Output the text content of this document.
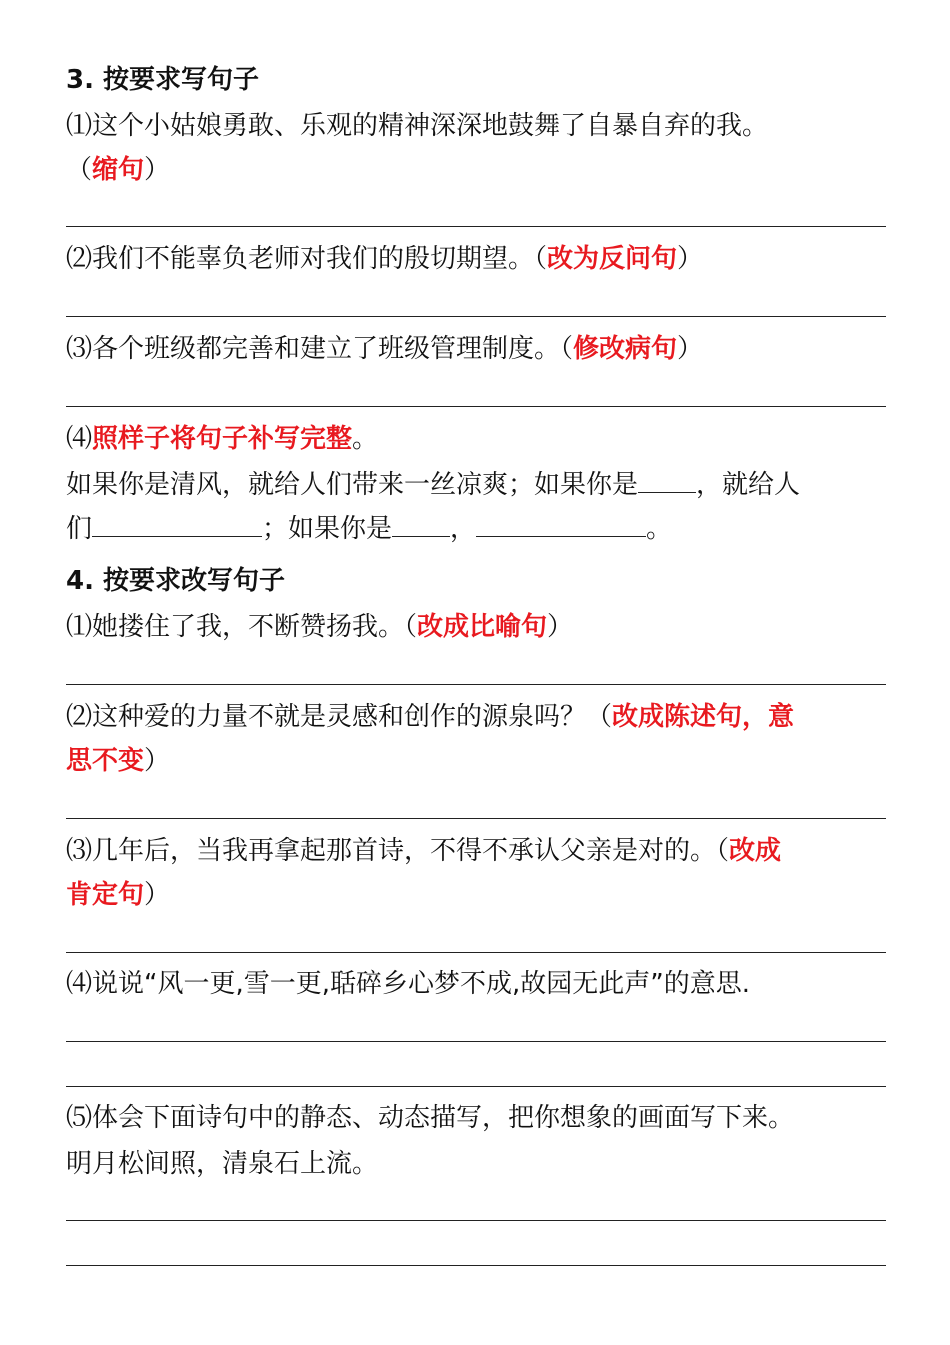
3. 按要求写句子
⑴这个小姑娘勇敢、乐观的精神深深地鼓舞了自暴自弃的我。
（缩句）
⑵我们不能辜负老师对我们的殷切期望。（改为反问句）
⑶各个班级都完善和建立了班级管理制度。（修改病句）
⑷照样子将句子补写完整。
如果你是清风，就给人们带来一丝凉爽；如果你是 ，就给人
们	；如果你是 ，	。
4. 按要求改写句子
⑴她搂住了我，不断赞扬我。（改成比喻句）
⑵这种爱的力量不就是灵感和创作的源泉吗？（改成陈述句，意
思不变）
⑶几年后，当我再拿起那首诗，不得不承认父亲是对的。（改成
肯定句）
⑷说说“风一更,雪一更,聒碎乡心梦不成,故园无此声”的意思.
⑸体会下面诗句中的静态、动态描写，把你想象的画面写下来。
明月松间照，清泉石上流。
